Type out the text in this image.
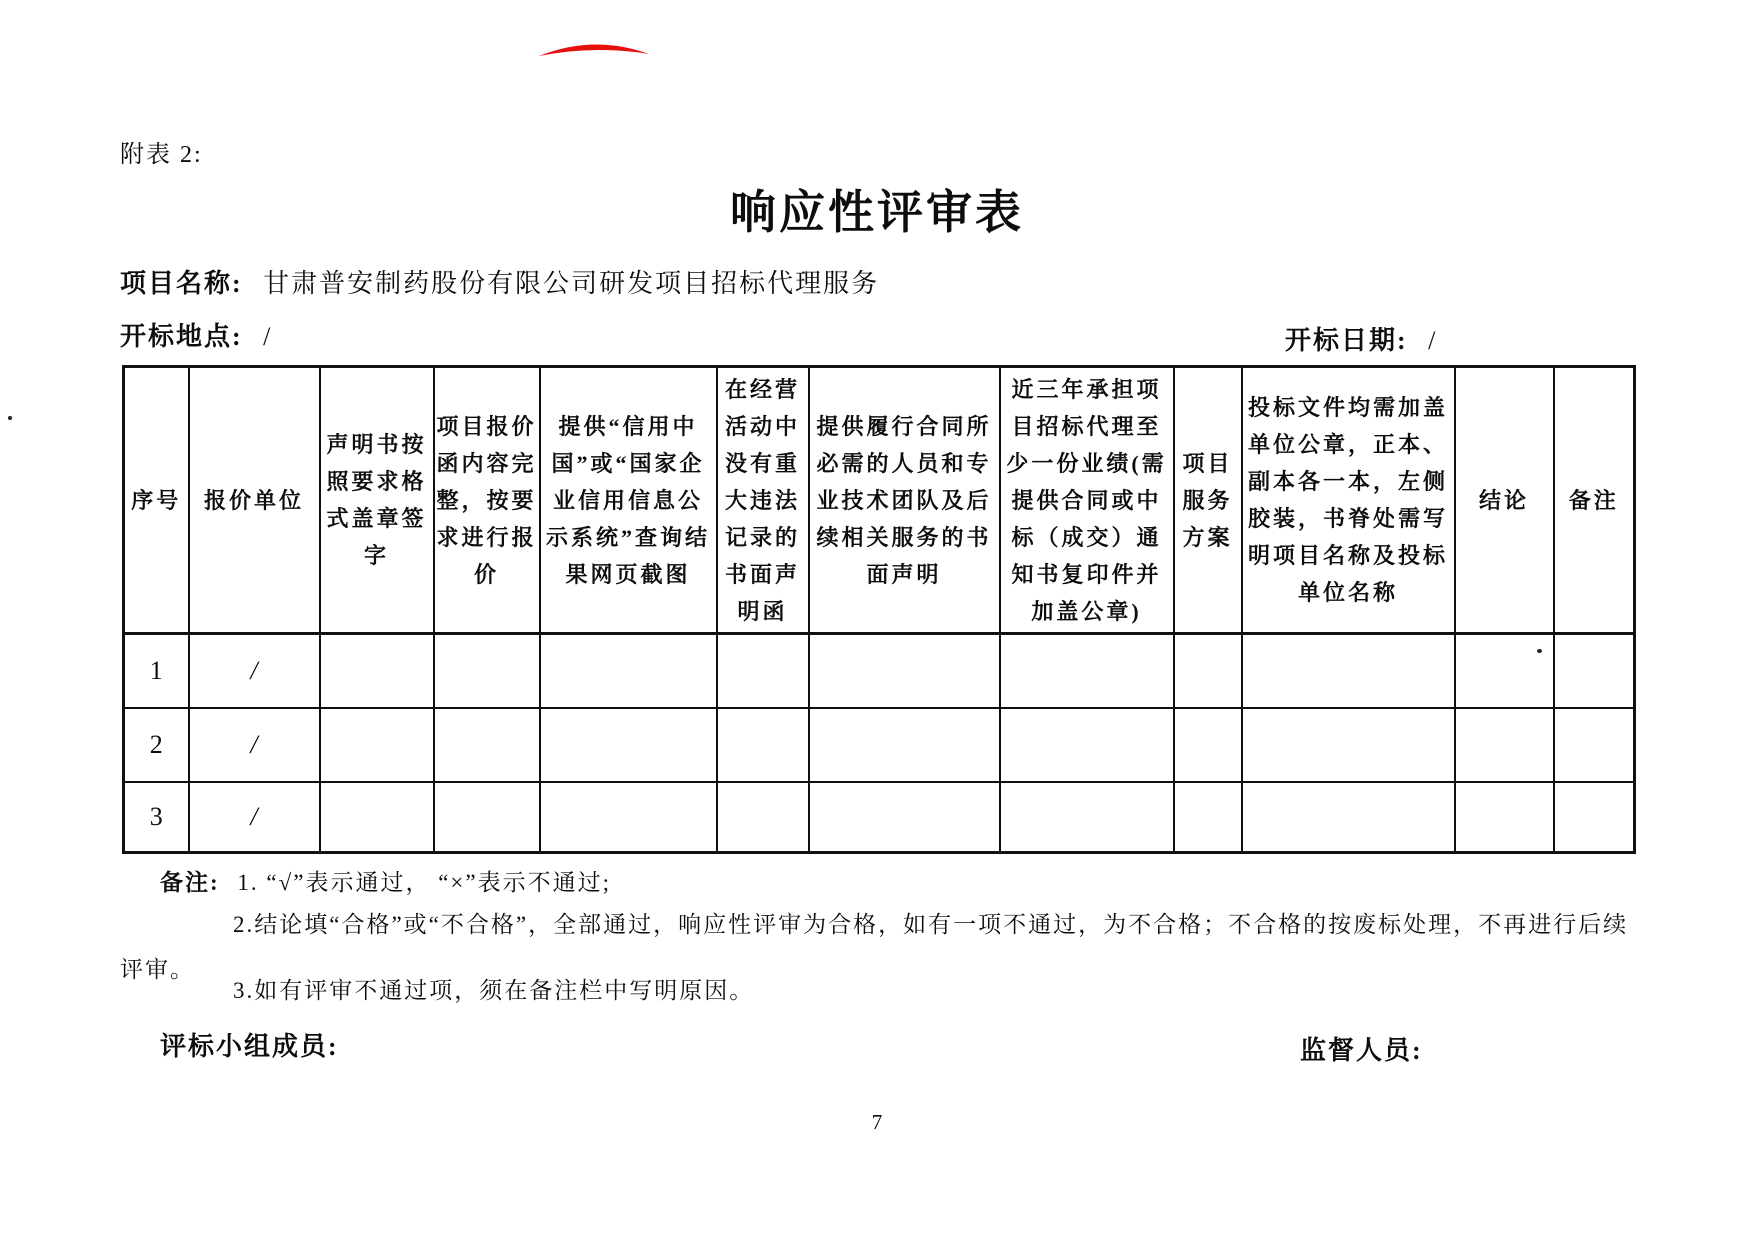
附表 2:
响应性评审表
项目名称: 甘肃普安制药股份有限公司研发项目招标代理服务
开标地点: /	开标日期: /
序号	报价单位	声明书按照要求格式盖章签字	项目报价函内容完整，按要求进行报价	提供“信用中国”或“国家企业信用信息公示系统”查询结果网页截图	在经营活动中没有重大违法记录的书面声明函	提供履行合同所必需的人员和专业技术团队及后续相关服务的书面声明	近三年承担项目招标代理至少一份业绩(需提供合同或中标（成交）通知书复印件并加盖公章)	项目服务方案	投标文件均需加盖单位公章，正本、副本各一本，左侧胶装，书脊处需写明项目名称及投标单位名称	结论	备注
1	/										
2	/										
3	/										
备注: 1. “√”表示通过， “×”表示不通过;

2.结论填“合格”或“不合格”，全部通过，响应性评审为合格，如有一项不通过，为不合格；不合格的按废标处理，不再进行后续评审。

3.如有评审不通过项，须在备注栏中写明原因。
评标小组成员:	监督人员:
7
